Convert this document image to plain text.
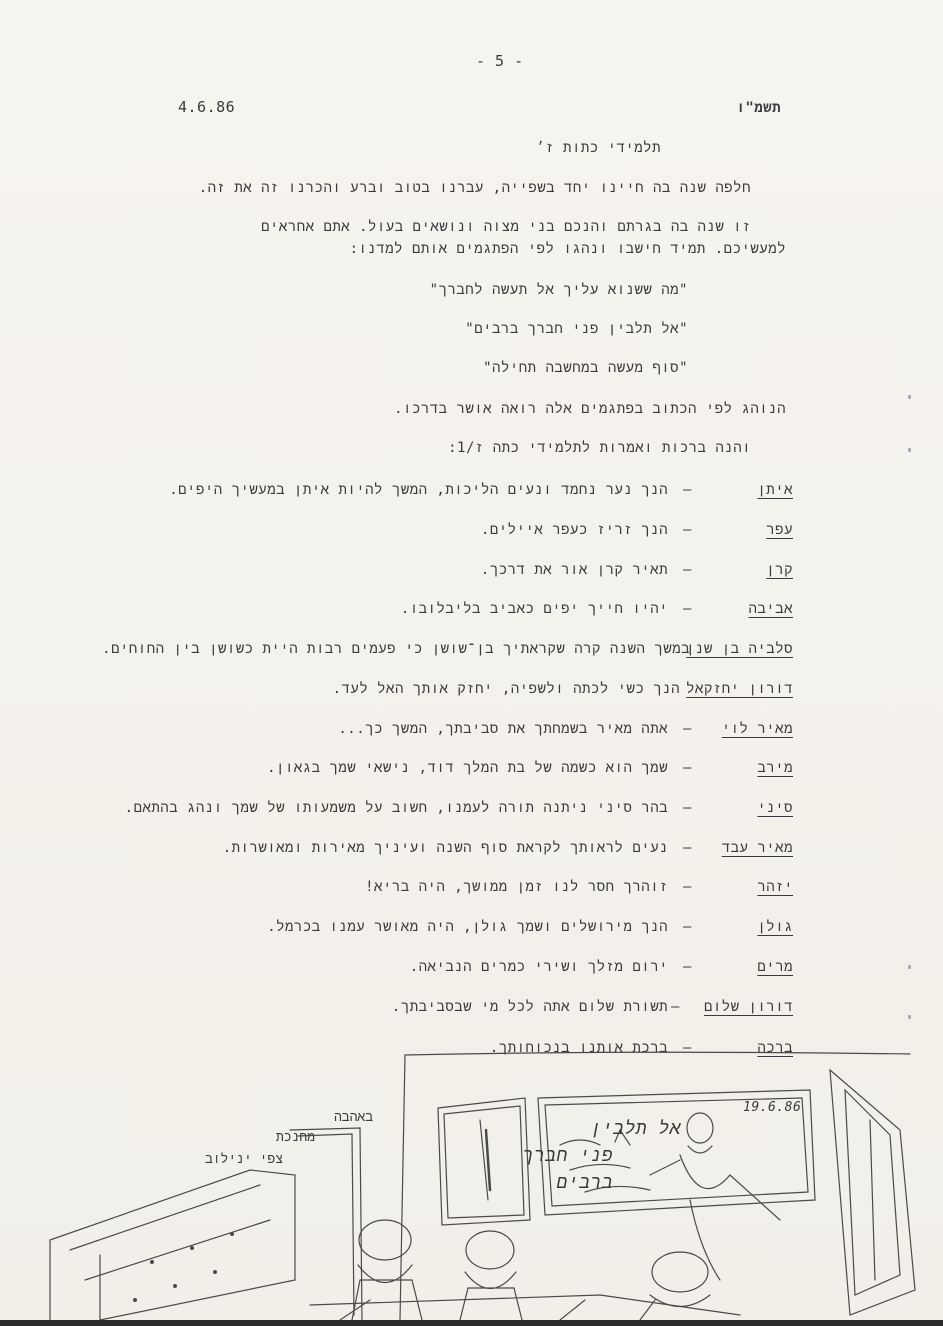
- 5 -
4.6.86	תשמ"ו
תלמידי כתות ז׳
חלפה שנה בה חיינו יחד בשפייה, עברנו בטוב וברע והכרנו זה את זה.
זו שנה בה בגרתם והנכם בני מצוה ונושאים בעול. אתם אחראים
למעשיכם. תמיד חישבו ונהגו לפי הפתגמים אותם למדנו:
"מה ששנוא עליך אל תעשה לחברך"
"אל תלבין פני חברך ברבים"
"סוף מעשה במחשבה תחילה"
הנוהג לפי הכתוב בפתגמים אלה רואה אושר בדרכו.
והנה ברכות ואמרות לתלמידי כתה ז/1:
איתן
–
הנך נער נחמד ונעים הליכות, המשך להיות איתן במעשיך היפים.
עפר
–
הנך זריז כעפר איילים.
קרן
–
תאיר קרן אור את דרכך.
אביבה
–
יהיו חייך יפים כאביב בליבלובו.
סלביה בן שנן
במשך השנה קרה שקראתיך בן־שושן כי פעמים רבות היית כשושן בין החוחים.
דורון יחזקאל
הנך כשי לכתה ולשפיה, יחזק אותך האל לעד.
מאיר לוי
–
אתה מאיר בשמחתך את סביבתך, המשך כך...
מירב
–
שמך הוא כשמה של בת המלך דוד, נישאי שמך בגאון.
סיני
–
בהר סיני ניתנה תורה לעמנו, חשוב על משמעותו של שמך ונהג בהתאם.
מאיר עבד
–
נעים לראותך לקראת סוף השנה ועיניך מאירות ומאושרות.
יזהר
–
זוהרך חסר לנו זמן ממושך, היה בריא!
גולן
–
הנך מירושלים ושמך גולן, היה מאושר עמנו בכרמל.
מרים
–
ירום מזלך ושירי כמרים הנביאה.
דורון שלום
–
תשורת שלום אתה לכל מי שבסביבתך.
ברכה
–
ברכת אותנו בנכוחותך.
באהבה
מחנכת
צפי ינילוב
19.6.86
אל תלבין
פני חברך
ברבים
